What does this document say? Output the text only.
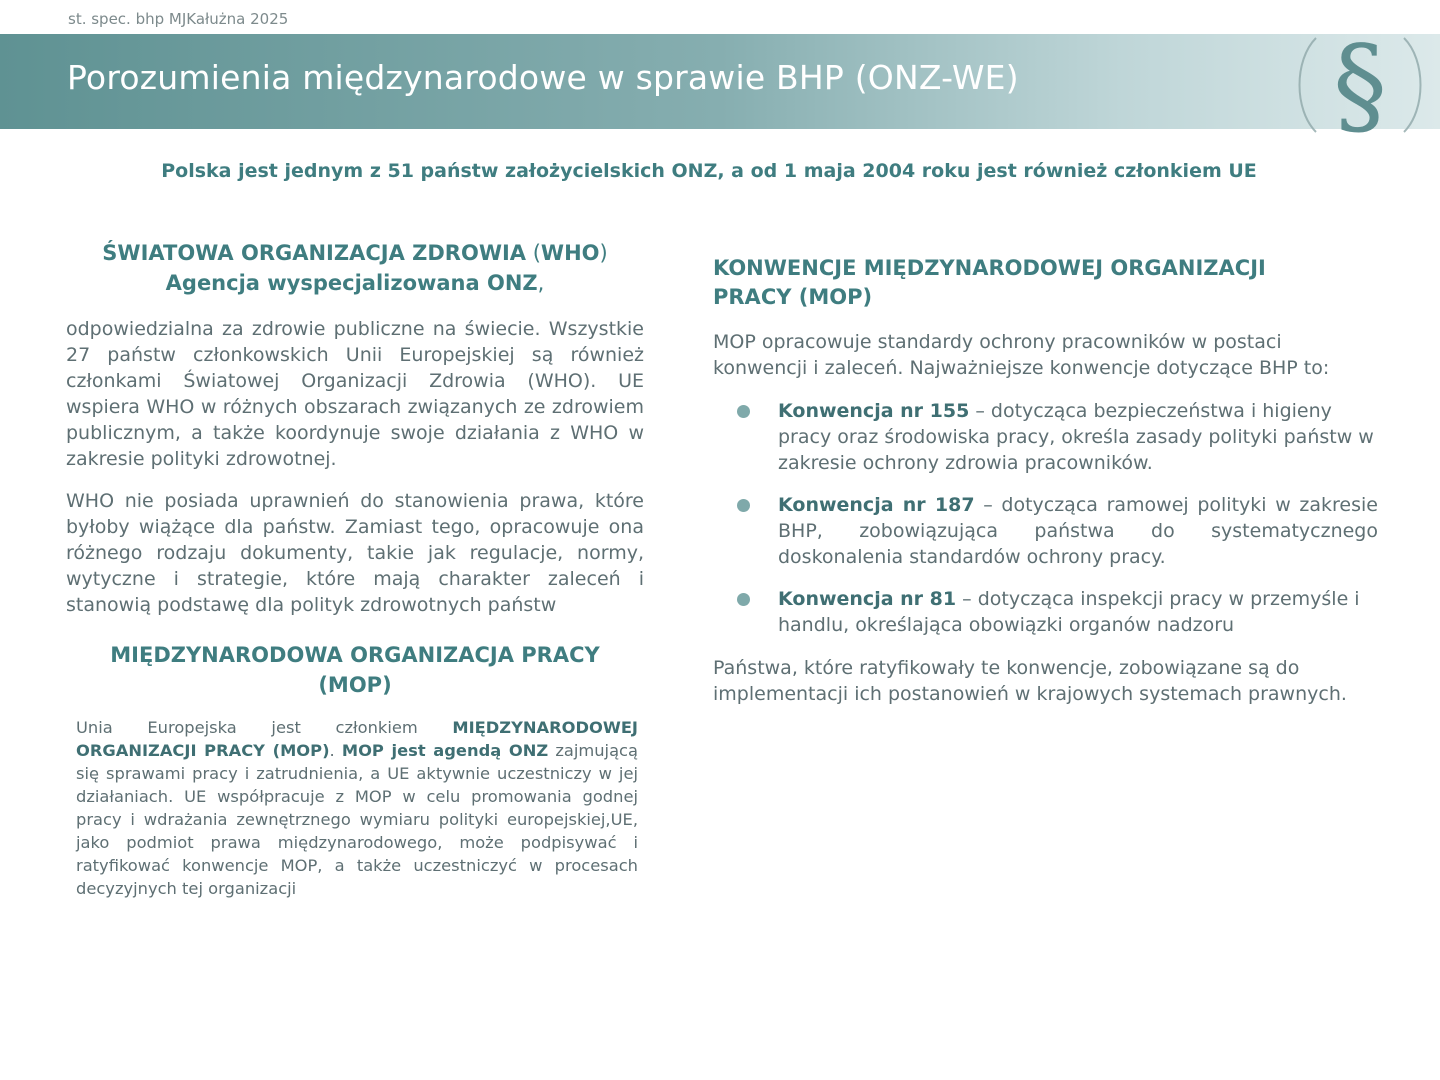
st. spec. bhp MJKałużna 2025
Porozumienia międzynarodowe w sprawie BHP (ONZ-WE)	§
Polska jest jednym z 51 państw założycielskich ONZ, a od 1 maja 2004 roku jest również członkiem UE

ŚWIATOWA ORGANIZACJA ZDROWIA (WHO)
Agencja wyspecjalizowana ONZ,

odpowiedzialna za zdrowie publiczne na świecie. Wszystkie 27 państw członkowskich Unii Europejskiej są również członkami Światowej Organizacji Zdrowia (WHO). UE wspiera WHO w różnych obszarach związanych ze zdrowiem publicznym, a także koordynuje swoje działania z WHO w zakresie polityki zdrowotnej.

WHO nie posiada uprawnień do stanowienia prawa, które byłoby wiążące dla państw. Zamiast tego, opracowuje ona różnego rodzaju dokumenty, takie jak regulacje, normy, wytyczne i strategie, które mają charakter zaleceń i stanowią podstawę dla polityk zdrowotnych państw

MIĘDZYNARODOWA ORGANIZACJA PRACY
(MOP)

Unia Europejska jest członkiem MIĘDZYNARODOWEJ ORGANIZACJI PRACY (MOP). MOP jest agendą ONZ zajmującą się sprawami pracy i zatrudnienia, a UE aktywnie uczestniczy w jej działaniach. UE współpracuje z MOP w celu promowania godnej pracy i wdrażania zewnętrznego wymiaru polityki europejskiej,UE, jako podmiot prawa międzynarodowego, może podpisywać i ratyfikować konwencje MOP, a także uczestniczyć w procesach decyzyjnych tej organizacji

KONWENCJE MIĘDZYNARODOWEJ ORGANIZACJI
PRACY (MOP)

MOP opracowuje standardy ochrony pracowników w postaci konwencji i zaleceń. Najważniejsze konwencje dotyczące BHP to:

Konwencja nr 155 – dotycząca bezpieczeństwa i higieny pracy oraz środowiska pracy, określa zasady polityki państw w zakresie ochrony zdrowia pracowników.
Konwencja nr 187 – dotycząca ramowej polityki w zakresie BHP, zobowiązująca państwa do systematycznego doskonalenia standardów ochrony pracy.
Konwencja nr 81 – dotycząca inspekcji pracy w przemyśle i handlu, określająca obowiązki organów nadzoru

Państwa, które ratyfikowały te konwencje, zobowiązane są do implementacji ich postanowień w krajowych systemach prawnych.
